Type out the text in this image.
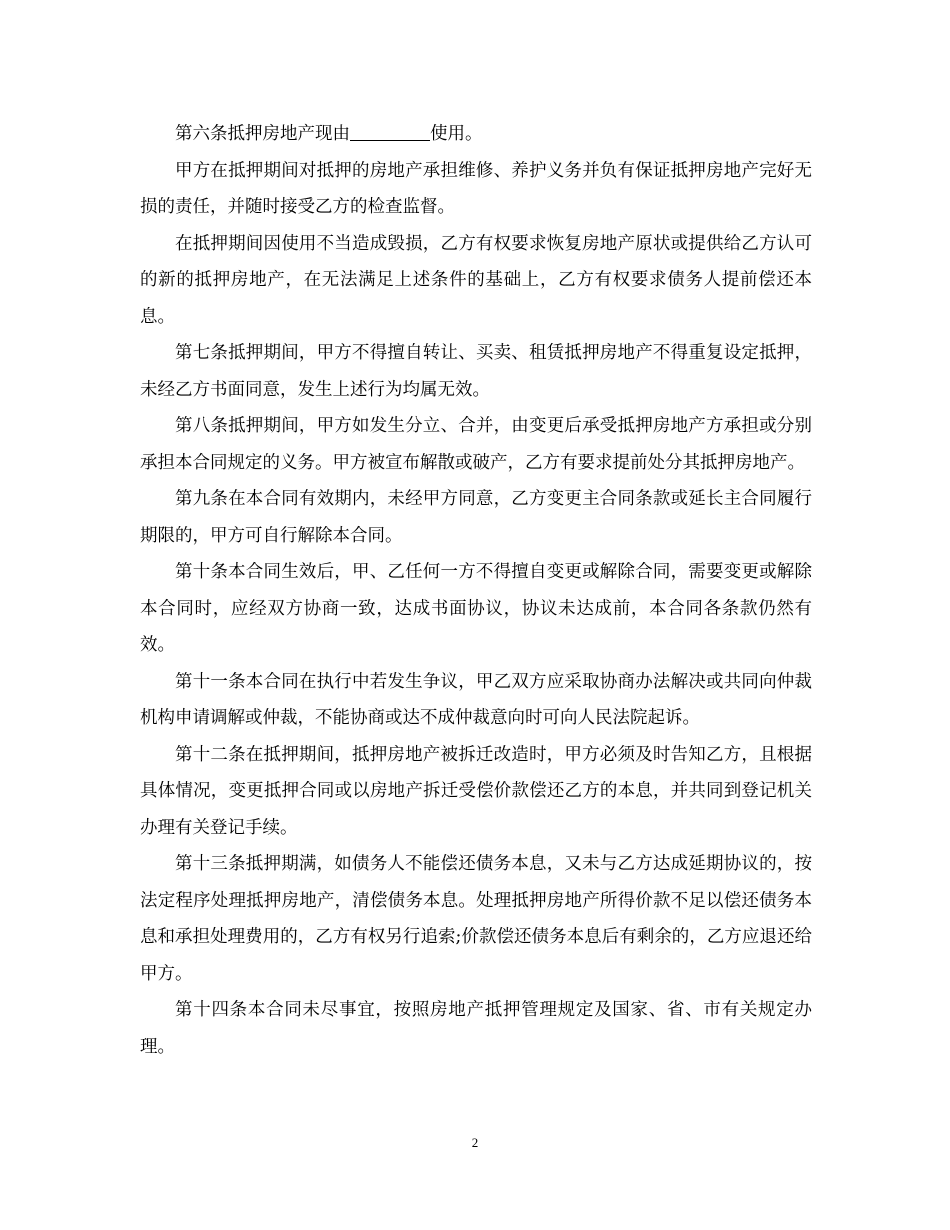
第六条抵押房地产现由	使用。

甲方在抵押期间对抵押的房地产承担维修、养护义务并负有保证抵押房地产完好无损的责任，并随时接受乙方的检查监督。

在抵押期间因使用不当造成毁损，乙方有权要求恢复房地产原状或提供给乙方认可的新的抵押房地产，在无法满足上述条件的基础上，乙方有权要求债务人提前偿还本息。

第七条抵押期间，甲方不得擅自转让、买卖、租赁抵押房地产不得重复设定抵押，未经乙方书面同意，发生上述行为均属无效。

第八条抵押期间，甲方如发生分立、合并，由变更后承受抵押房地产方承担或分别承担本合同规定的义务。甲方被宣布解散或破产，乙方有要求提前处分其抵押房地产。

第九条在本合同有效期内，未经甲方同意，乙方变更主合同条款或延长主合同履行期限的，甲方可自行解除本合同。

第十条本合同生效后，甲、乙任何一方不得擅自变更或解除合同，需要变更或解除本合同时，应经双方协商一致，达成书面协议，协议未达成前，本合同各条款仍然有效。

第十一条本合同在执行中若发生争议，甲乙双方应采取协商办法解决或共同向仲裁机构申请调解或仲裁，不能协商或达不成仲裁意向时可向人民法院起诉。

第十二条在抵押期间，抵押房地产被拆迁改造时，甲方必须及时告知乙方，且根据具体情况，变更抵押合同或以房地产拆迁受偿价款偿还乙方的本息，并共同到登记机关办理有关登记手续。

第十三条抵押期满，如债务人不能偿还债务本息，又未与乙方达成延期协议的，按法定程序处理抵押房地产，清偿债务本息。处理抵押房地产所得价款不足以偿还债务本息和承担处理费用的，乙方有权另行追索;价款偿还债务本息后有剩余的，乙方应退还给甲方。

第十四条本合同未尽事宜，按照房地产抵押管理规定及国家、省、市有关规定办理。

2
